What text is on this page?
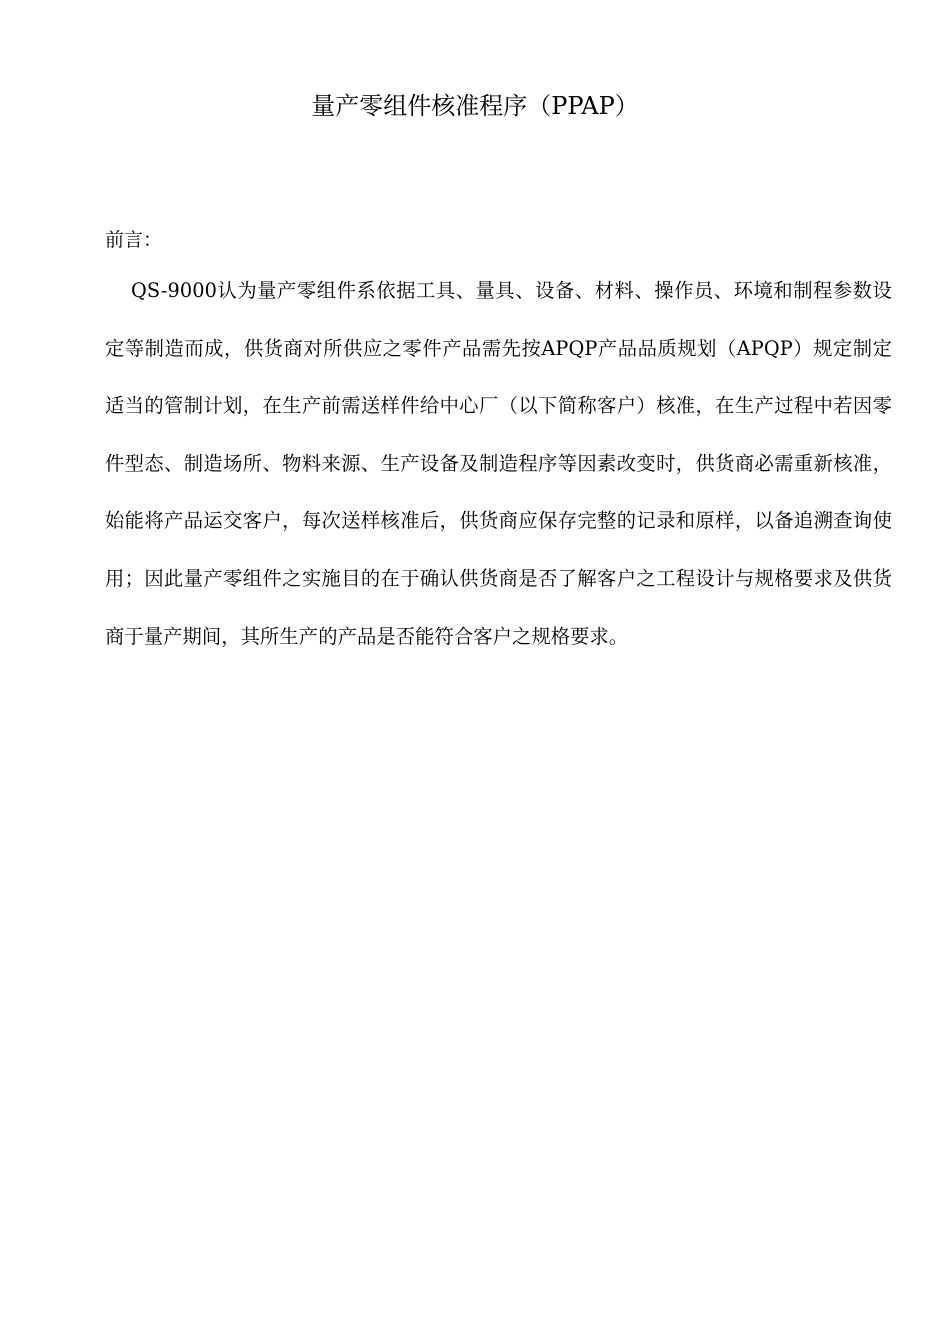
量产零组件核准程序（PPAP）

前言：

QS-9000认为量产零组件系依据工具、量具、设备、材料、操作员、环境和制程参数设定等制造而成，供货商对所供应之零件产品需先按APQP产品品质规划（APQP）规定制定适当的管制计划，在生产前需送样件给中心厂（以下简称客户）核准，在生产过程中若因零件型态、制造场所、物料来源、生产设备及制造程序等因素改变时，供货商必需重新核准，始能将产品运交客户，每次送样核准后，供货商应保存完整的记录和原样，以备追溯查询使用；因此量产零组件之实施目的在于确认供货商是否了解客户之工程设计与规格要求及供货商于量产期间，其所生产的产品是否能符合客户之规格要求。
